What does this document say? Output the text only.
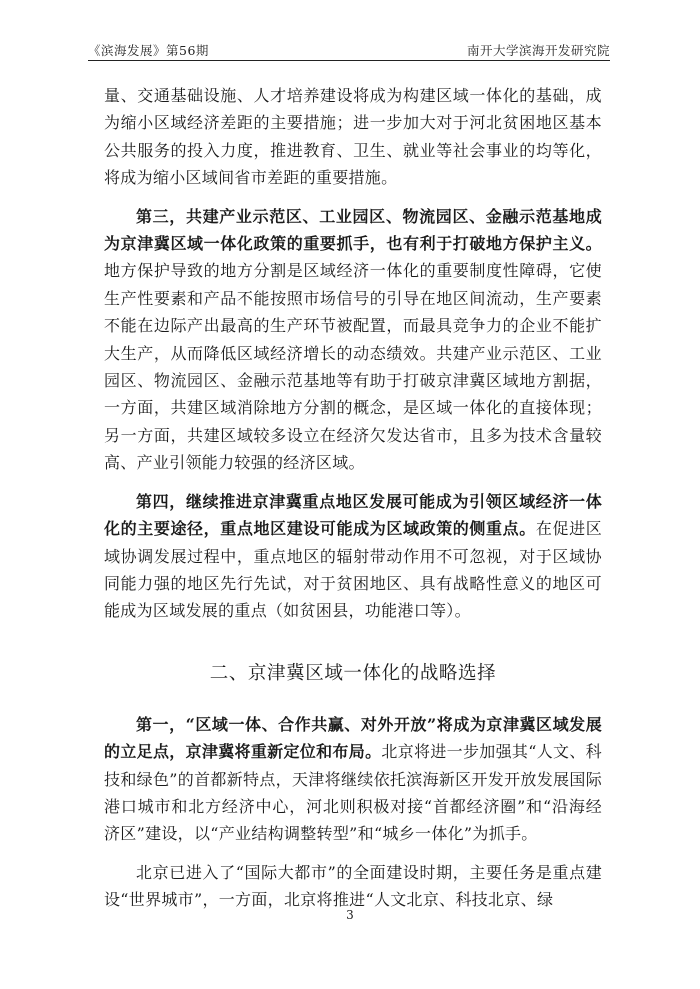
《滨海发展》第56期	南开大学滨海开发研究院

量、交通基础设施、人才培养建设将成为构建区域一体化的基础，成为缩小区域经济差距的主要措施；进一步加大对于河北贫困地区基本公共服务的投入力度，推进教育、卫生、就业等社会事业的均等化，将成为缩小区域间省市差距的重要措施。

第三，共建产业示范区、工业园区、物流园区、金融示范基地成为京津冀区域一体化政策的重要抓手，也有利于打破地方保护主义。地方保护导致的地方分割是区域经济一体化的重要制度性障碍，它使生产性要素和产品不能按照市场信号的引导在地区间流动，生产要素不能在边际产出最高的生产环节被配置，而最具竞争力的企业不能扩大生产，从而降低区域经济增长的动态绩效。共建产业示范区、工业园区、物流园区、金融示范基地等有助于打破京津冀区域地方割据，一方面，共建区域消除地方分割的概念，是区域一体化的直接体现；另一方面，共建区域较多设立在经济欠发达省市，且多为技术含量较高、产业引领能力较强的经济区域。

第四，继续推进京津冀重点地区发展可能成为引领区域经济一体化的主要途径，重点地区建设可能成为区域政策的侧重点。在促进区域协调发展过程中，重点地区的辐射带动作用不可忽视，对于区域协同能力强的地区先行先试，对于贫困地区、具有战略性意义的地区可能成为区域发展的重点（如贫困县，功能港口等）。

二、京津冀区域一体化的战略选择

第一，“区域一体、合作共赢、对外开放”将成为京津冀区域发展的立足点，京津冀将重新定位和布局。北京将进一步加强其“人文、科技和绿色”的首都新特点，天津将继续依托滨海新区开发开放发展国际港口城市和北方经济中心，河北则积极对接“首都经济圈”和“沿海经济区”建设，以“产业结构调整转型”和“城乡一体化”为抓手。

北京已进入了“国际大都市”的全面建设时期，主要任务是重点建设“世界城市”，一方面，北京将推进“人文北京、科技北京、绿

3
